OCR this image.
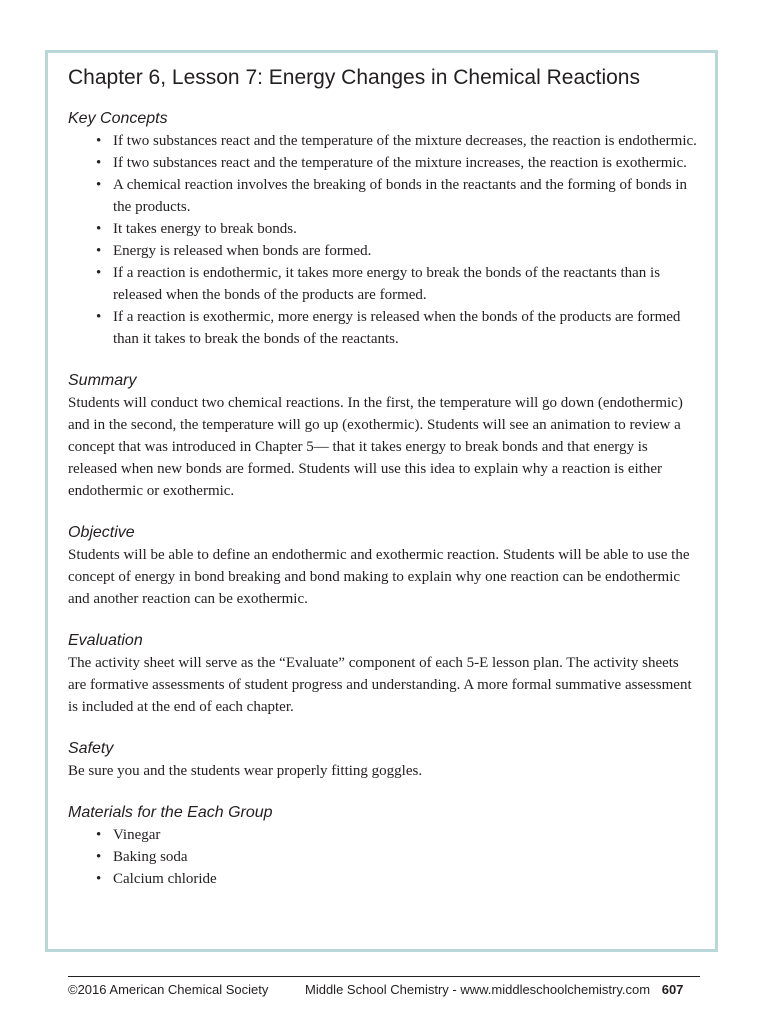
Chapter 6, Lesson 7: Energy Changes in Chemical Reactions
Key Concepts
• If two substances react and the temperature of the mixture decreases, the reaction is endothermic.
• If two substances react and the temperature of the mixture increases, the reaction is exothermic.
• A chemical reaction involves the breaking of bonds in the reactants and the forming of bonds in the products.
• It takes energy to break bonds.
• Energy is released when bonds are formed.
• If a reaction is endothermic, it takes more energy to break the bonds of the reactants than is released when the bonds of the products are formed.
• If a reaction is exothermic, more energy is released when the bonds of the products are formed than it takes to break the bonds of the reactants.
Summary

Students will conduct two chemical reactions. In the first, the temperature will go down (endothermic) and in the second, the temperature will go up (exothermic). Students will see an animation to review a concept that was introduced in Chapter 5— that it takes energy to break bonds and that energy is released when new bonds are formed. Students will use this idea to explain why a reaction is either endothermic or exothermic.

Objective

Students will be able to define an endothermic and exothermic reaction. Students will be able to use the concept of energy in bond breaking and bond making to explain why one reaction can be endothermic and another reaction can be exothermic.

Evaluation

The activity sheet will serve as the “Evaluate” component of each 5-E lesson plan. The activity sheets are formative assessments of student progress and understanding. A more formal summative assessment is included at the end of each chapter.

Safety

Be sure you and the students wear properly fitting goggles.

Materials for the Each Group
• Vinegar
• Baking soda
• Calcium chloride
©2016 American Chemical Society	Middle School Chemistry - www.middleschoolchemistry.com 607
